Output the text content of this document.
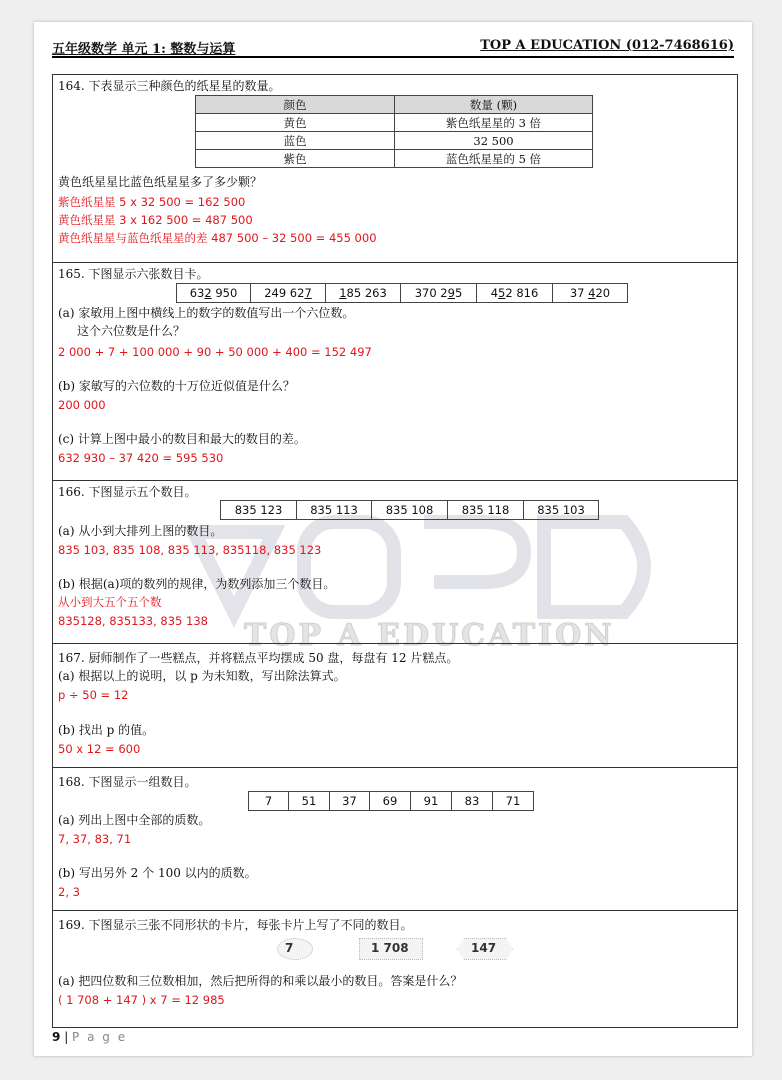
五年级数学 单元 1: 整数与运算	TOP A EDUCATION (012-7468616)
TOP A EDUCATION
164. 下表显示三种颜色的纸星星的数量。
颜色	数量 (颗)
黄色	紫色纸星星的 3 倍
蓝色	32 500
紫色	蓝色纸星星的 5 倍
黄色纸星星比蓝色纸星星多了多少颗？
紫色纸星星 5 x 32 500 = 162 500
黄色纸星星 3 x 162 500 = 487 500
黄色纸星星与蓝色纸星星的差 487 500 – 32 500 = 455 000
165. 下图显示六张数目卡。
632 950	249 627	185 263	370 295	452 816	37 420
(a) 家敏用上图中横线上的数字的数值写出一个六位数。
这个六位数是什么？
2 000 + 7 + 100 000 + 90 + 50 000 + 400 = 152 497
(b) 家敏写的六位数的十万位近似值是什么？
200 000
(c) 计算上图中最小的数目和最大的数目的差。
632 930 – 37 420 = 595 530
166. 下图显示五个数目。
835 123	835 113	835 108	835 118	835 103
(a) 从小到大排列上图的数目。
835 103, 835 108, 835 113, 835118, 835 123
(b) 根据(a)项的数列的规律，为数列添加三个数目。
从小到大五个五个数
835128, 835133, 835 138
167. 厨师制作了一些糕点，并将糕点平均摆成 50 盘，每盘有 12 片糕点。
(a) 根据以上的说明，以 p 为未知数，写出除法算式。
p ÷ 50 = 12
(b) 找出 p 的值。
50 x 12 = 600
168. 下图显示一组数目。
7	51	37	69	91	83	71
(a) 列出上图中全部的质数。
7, 37, 83, 71
(b) 写出另外 2 个 100 以内的质数。
2, 3
169. 下图显示三张不同形状的卡片，每张卡片上写了不同的数目。
7	1 708	147
(a) 把四位数和三位数相加，然后把所得的和乘以最小的数目。答案是什么？
( 1 708 + 147 ) x 7 = 12 985
9 | P a g e
